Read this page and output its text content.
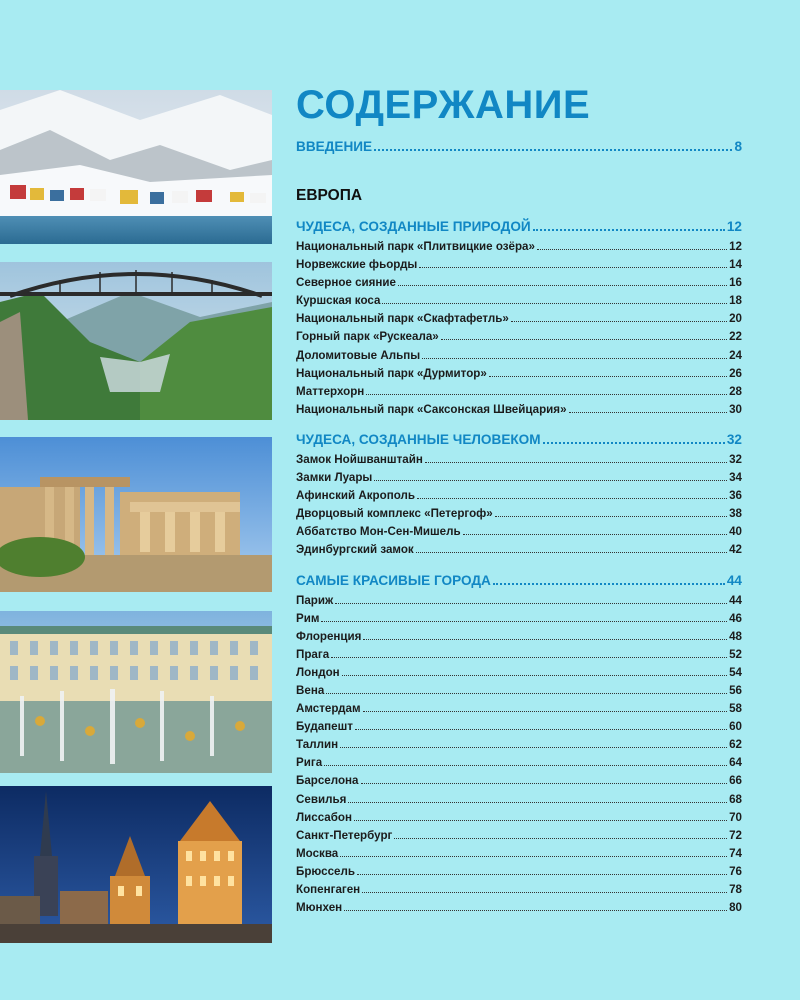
СОДЕРЖАНИЕ
ВВЕДЕНИЕ	8
ЕВРОПА
ЧУДЕСА, СОЗДАННЫЕ ПРИРОДОЙ	12
Национальный парк «Плитвицкие озёра»	12
Норвежские фьорды	14
Северное сияние	16
Куршская коса	18
Национальный парк «Скафтафетль»	20
Горный парк «Рускеала»	22
Доломитовые Альпы	24
Национальный парк «Дурмитор»	26
Маттерхорн	28
Национальный парк «Саксонская Швейцария»	30
ЧУДЕСА, СОЗДАННЫЕ ЧЕЛОВЕКОМ	32
Замок Нойшванштайн	32
Замки Луары	34
Афинский Акрополь	36
Дворцовый комплекс «Петергоф»	38
Аббатство Мон-Сен-Мишель	40
Эдинбургский замок	42
САМЫЕ КРАСИВЫЕ ГОРОДА	44
Париж	44
Рим	46
Флоренция	48
Прага	52
Лондон	54
Вена	56
Амстердам	58
Будапешт	60
Таллин	62
Рига	64
Барселона	66
Севилья	68
Лиссабон	70
Санкт-Петербург	72
Москва	74
Брюссель	76
Копенгаген	78
Мюнхен	80
